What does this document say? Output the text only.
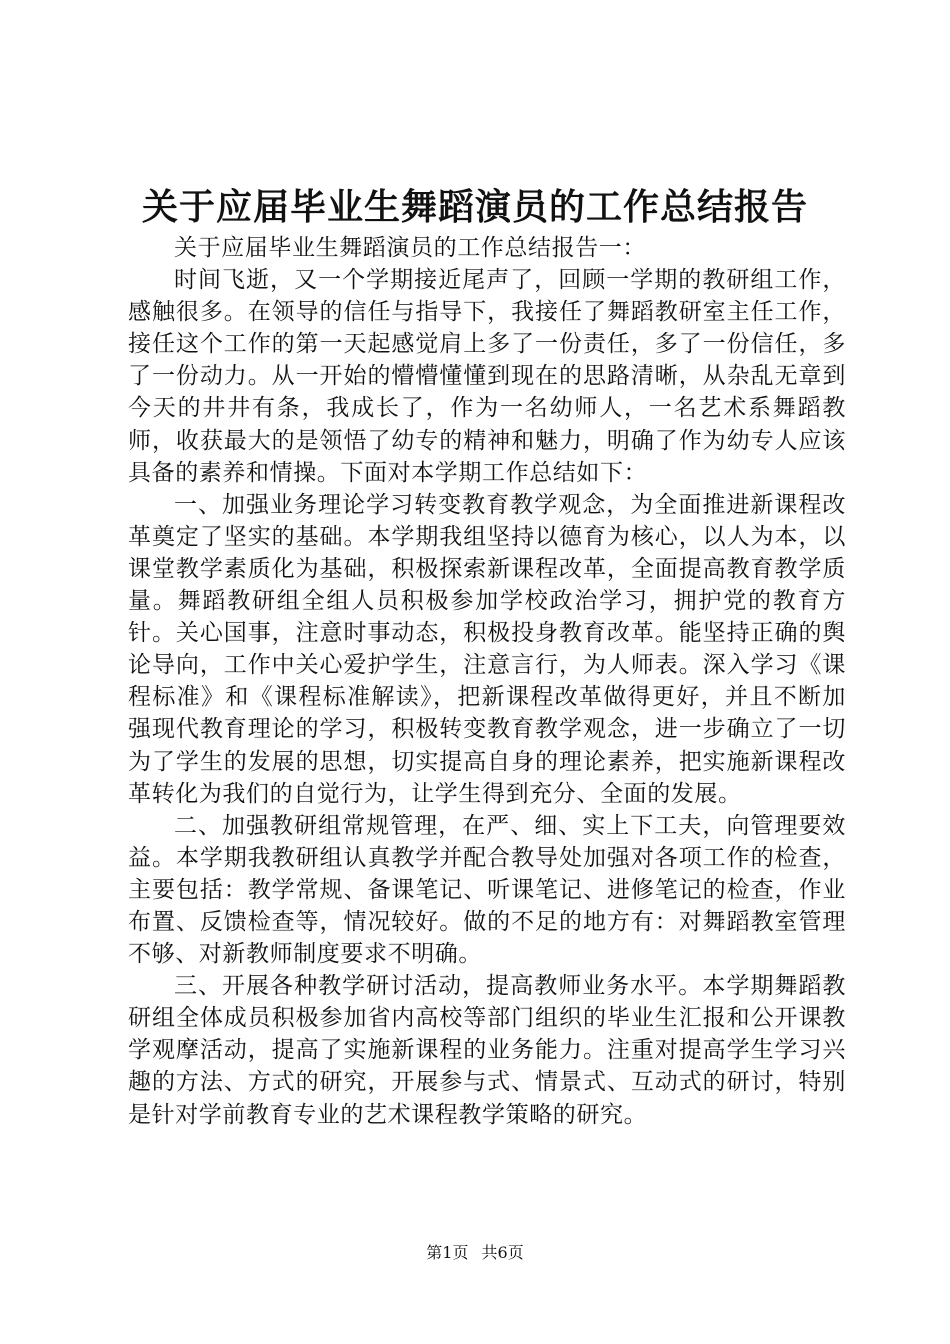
关于应届毕业生舞蹈演员的工作总结报告

关于应届毕业生舞蹈演员的工作总结报告一：

时间飞逝，又一个学期接近尾声了，回顾一学期的教研组工作，感触很多。在领导的信任与指导下，我接任了舞蹈教研室主任工作，接任这个工作的第一天起感觉肩上多了一份责任，多了一份信任，多了一份动力。从一开始的懵懵懂懂到现在的思路清晰，从杂乱无章到今天的井井有条，我成长了，作为一名幼师人，一名艺术系舞蹈教师，收获最大的是领悟了幼专的精神和魅力，明确了作为幼专人应该具备的素养和情操。下面对本学期工作总结如下：

一、加强业务理论学习转变教育教学观念，为全面推进新课程改革奠定了坚实的基础。本学期我组坚持以德育为核心，以人为本，以课堂教学素质化为基础，积极探索新课程改革，全面提高教育教学质量。舞蹈教研组全组人员积极参加学校政治学习，拥护党的教育方针。关心国事，注意时事动态，积极投身教育改革。能坚持正确的舆论导向，工作中关心爱护学生，注意言行，为人师表。深入学习《课程标准》和《课程标准解读》，把新课程改革做得更好，并且不断加强现代教育理论的学习，积极转变教育教学观念，进一步确立了一切为了学生的发展的思想，切实提高自身的理论素养，把实施新课程改革转化为我们的自觉行为，让学生得到充分、全面的发展。

二、加强教研组常规管理，在严、细、实上下工夫，向管理要效益。本学期我教研组认真教学并配合教导处加强对各项工作的检查，主要包括：教学常规、备课笔记、听课笔记、进修笔记的检查，作业布置、反馈检查等，情况较好。做的不足的地方有：对舞蹈教室管理不够、对新教师制度要求不明确。

三、开展各种教学研讨活动，提高教师业务水平。本学期舞蹈教研组全体成员积极参加省内高校等部门组织的毕业生汇报和公开课教学观摩活动，提高了实施新课程的业务能力。注重对提高学生学习兴趣的方法、方式的研究，开展参与式、情景式、互动式的研讨，特别是针对学前教育专业的艺术课程教学策略的研究。

第1页 共6页
